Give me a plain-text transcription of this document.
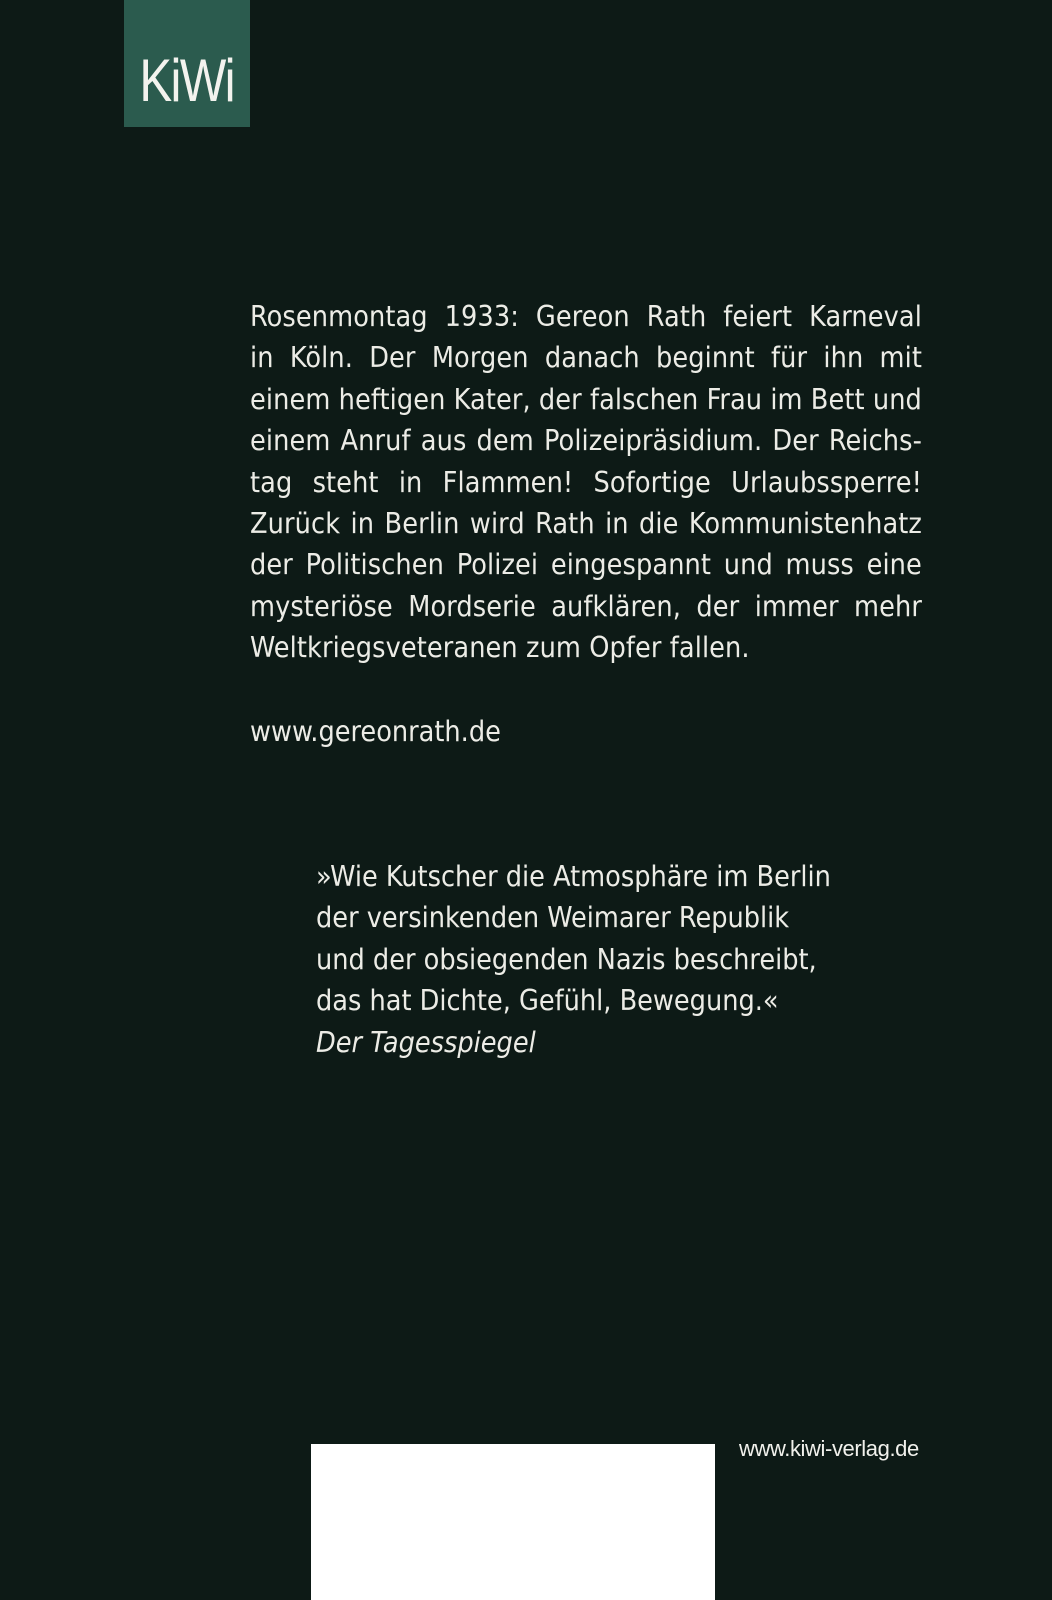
KiWi
Rosenmontag 1933: Gereon Rath feiert Karneval
in Köln. Der Morgen danach beginnt für ihn mit
einem heftigen Kater, der falschen Frau im Bett und
einem Anruf aus dem Polizeipräsidium. Der Reichs-
tag steht in Flammen! Sofortige Urlaubssperre!
Zurück in Berlin wird Rath in die Kommunistenhatz
der Politischen Polizei eingespannt und muss eine
mysteriöse Mordserie aufklären, der immer mehr
Weltkriegsveteranen zum Opfer fallen.
www.gereonrath.de
»Wie Kutscher die Atmosphäre im Berlin
der versinkenden Weimarer Republik
und der obsiegenden Nazis beschreibt,
das hat Dichte, Gefühl, Bewegung.«
Der Tagesspiegel
www.kiwi-verlag.de
